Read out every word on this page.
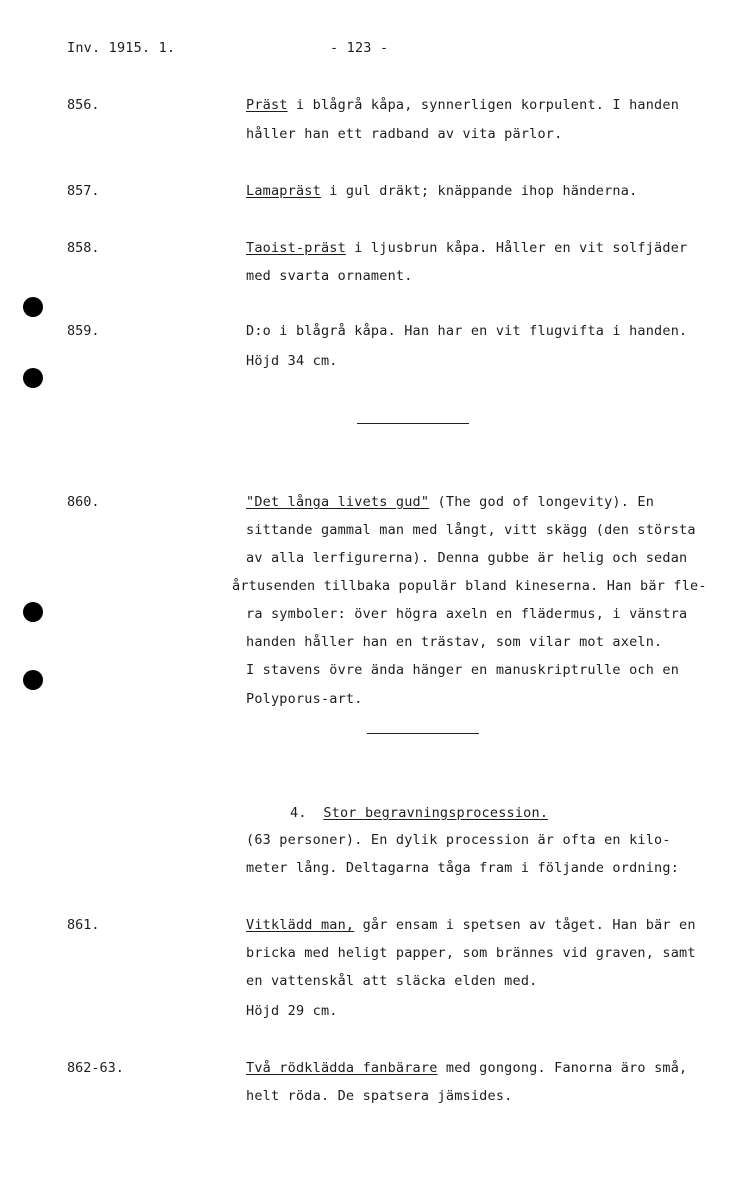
Inv. 1915. 1.	- 123 -
856.	Präst i blågrå kåpa, synnerligen korpulent. I handen
håller han ett radband av vita pärlor.
857.	Lamapräst i gul dräkt; knäppande ihop händerna.
858.	Taoist-präst i ljusbrun kåpa. Håller en vit solfjäder
med svarta ornament.
859.	D:o i blågrå kåpa. Han har en vit flugvifta i handen.
Höjd 34 cm.
860.	"Det långa livets gud" (The god of longevity). En
sittande gammal man med långt, vitt skägg (den största
av alla lerfigurerna). Denna gubbe är helig och sedan
årtusenden tillbaka populär bland kineserna. Han bär fle-
ra symboler: över högra axeln en flädermus, i vänstra
handen håller han en trästav, som vilar mot axeln.
I stavens övre ända hänger en manuskriptrulle och en
Polyporus-art.
4. Stor begravningsprocession.
(63 personer). En dylik procession är ofta en kilo-
meter lång. Deltagarna tåga fram i följande ordning:
861.	Vitklädd man, går ensam i spetsen av tåget. Han bär en
bricka med heligt papper, som brännes vid graven, samt
en vattenskål att släcka elden med.
Höjd 29 cm.
862-63.	Två rödklädda fanbärare med gongong. Fanorna äro små,
helt röda. De spatsera jämsides.
